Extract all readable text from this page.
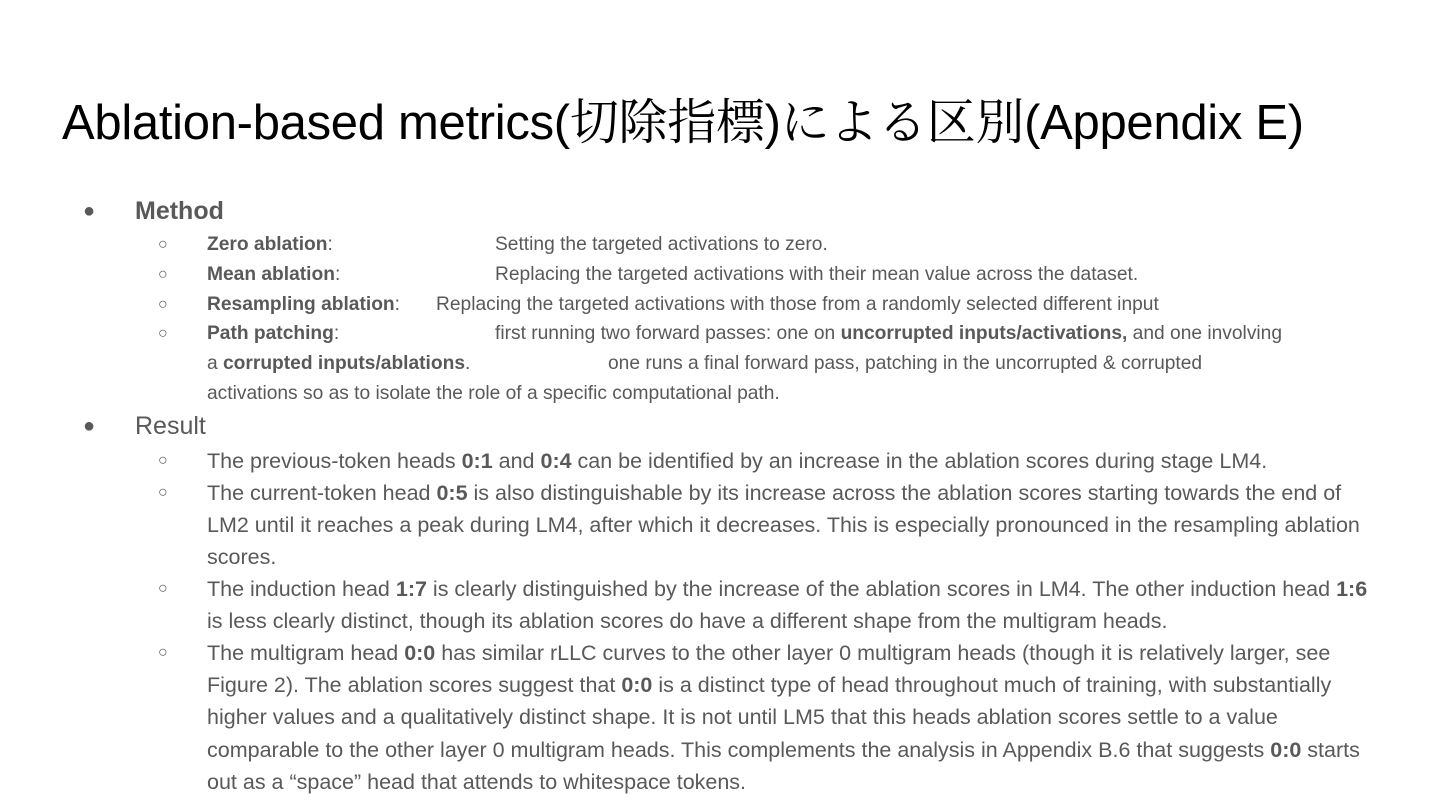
Ablation-based metrics(切除指標)による区別(Appendix E)
● Method
○ Zero ablation:	Setting the targeted activations to zero.
○ Mean ablation:	Replacing the targeted activations with their mean value across the dataset.
○ Resampling ablation: Replacing the targeted activations with those from a randomly selected different input
○ Path patching:	first running two forward passes: one on uncorrupted inputs/activations, and one involving
a corrupted inputs/ablations.	one runs a final forward pass, patching in the uncorrupted & corrupted
activations so as to isolate the role of a specific computational path.
● Result
○ The previous-token heads 0:1 and 0:4 can be identified by an increase in the ablation scores during stage LM4.
○ The current-token head 0:5 is also distinguishable by its increase across the ablation scores starting towards the end of LM2 until it reaches a peak during LM4, after which it decreases. This is especially pronounced in the resampling ablation scores.
○ The induction head 1:7 is clearly distinguished by the increase of the ablation scores in LM4. The other induction head 1:6 is less clearly distinct, though its ablation scores do have a different shape from the multigram heads.
○ The multigram head 0:0 has similar rLLC curves to the other layer 0 multigram heads (though it is relatively larger, see Figure 2). The ablation scores suggest that 0:0 is a distinct type of head throughout much of training, with substantially higher values and a qualitatively distinct shape. It is not until LM5 that this heads ablation scores settle to a value comparable to the other layer 0 multigram heads. This complements the analysis in Appendix B.6 that suggests 0:0 starts out as a “space” head that attends to whitespace tokens.
